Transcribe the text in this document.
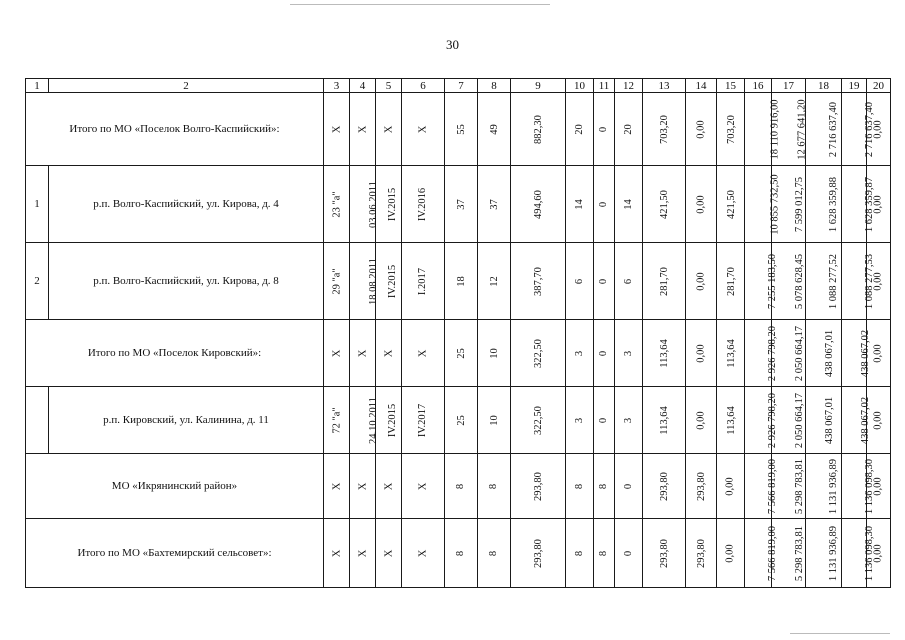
30
1	2	3	4	5	6	7	8	9	10	11	12	13	14	15	16	17	18	19	20
Итого по МО «Поселок Волго-Каспийский»:		X	X	X	X	55	49	882,30	20	0	20	703,20	0,00	703,20	18 110 916,00	12 677 641,20	2 716 637,40	2 716 637,40	0,00
1	р.п. Волго-Каспийский, ул. Кирова, д. 4	23 "а"	03.06.2011	IV.2015	IV.2016	37	37	494,60	14	0	14	421,50	0,00	421,50	10 855 732,50	7 599 012,75	1 628 359,88	1 628 359,87	0,00
2	р.п. Волго-Каспийский, ул. Кирова, д. 8	29 "а"	18.08.2011	IV.2015	I.2017	18	12	387,70	6	0	6	281,70	0,00	281,70	7 255 183,50	5 078 628,45	1 088 277,52	1 088 277,53	0,00
Итого по МО «Поселок Кировский»:		X	X	X	X	25	10	322,50	3	0	3	113,64	0,00	113,64	2 926 798,20	2 050 664,17	438 067,01	438 067,02	0,00
	р.п. Кировский, ул. Калинина, д. 11	72 "а"	24.10.2011	IV.2015	IV.2017	25	10	322,50	3	0	3	113,64	0,00	113,64	2 926 798,20	2 050 664,17	438 067,01	438 067,02	0,00
МО «Икрянинский район»		X	X	X	X	8	8	293,80	8	8	0	293,80	293,80	0,00	7 566 819,00	5 298 783,81	1 131 936,89	1 136 098,30	0,00
Итого по МО «Бахтемирский сельсовет»:		X	X	X	X	8	8	293,80	8	8	0	293,80	293,80	0,00	7 566 819,00	5 298 783,81	1 131 936,89	1 136 098,30	0,00
